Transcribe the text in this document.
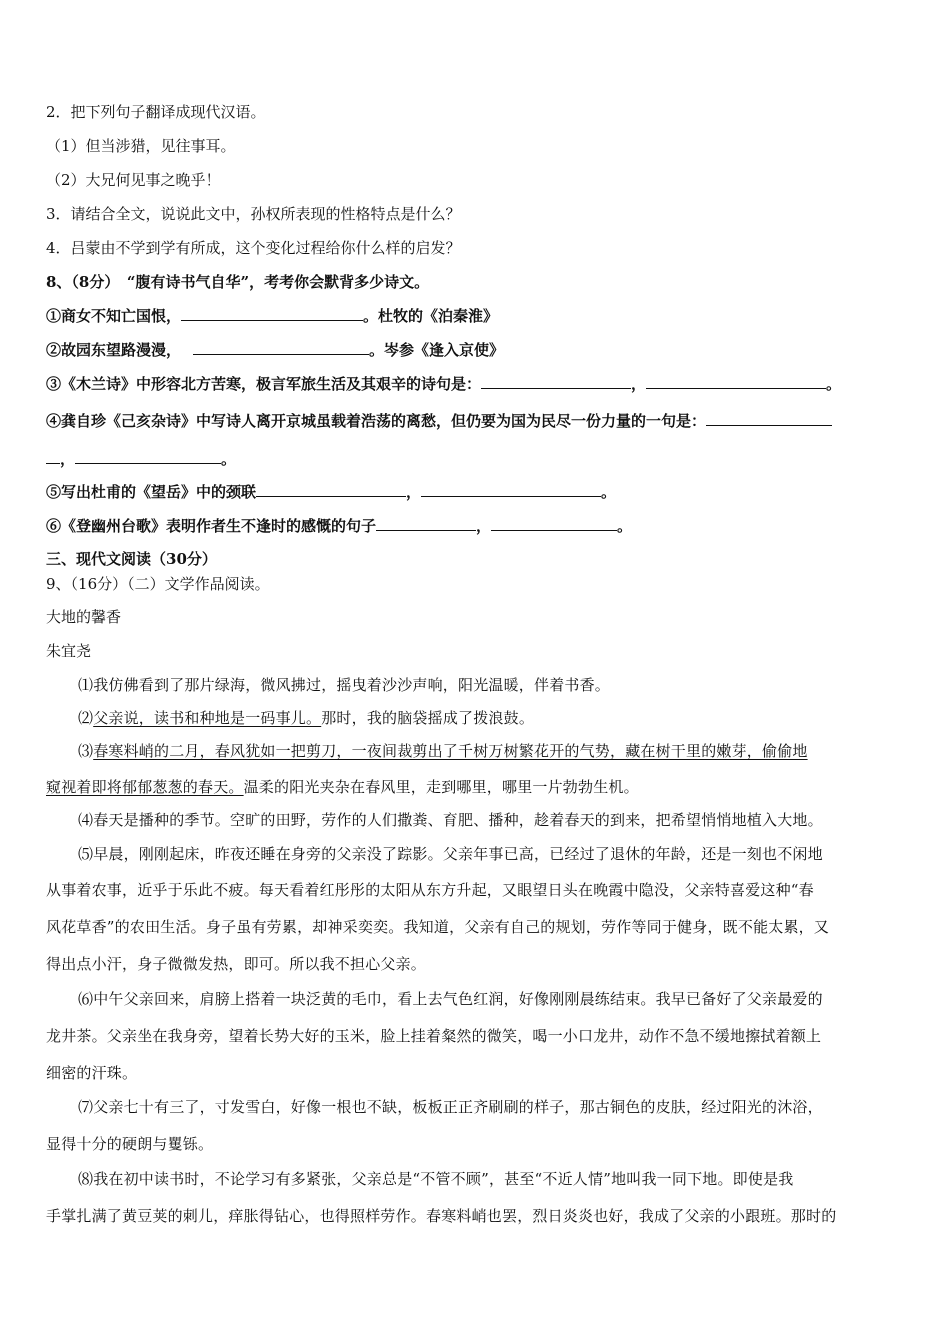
2．把下列句子翻译成现代汉语。
（1）但当涉猎，见往事耳。
（2）大兄何见事之晚乎！
3．请结合全文，说说此文中，孙权所表现的性格特点是什么？
4．吕蒙由不学到学有所成，这个变化过程给你什么样的启发？
8、（8分）　“腹有诗书气自华”，考考你会默背多少诗文。
①商女不知亡国恨，	。杜牧的《泊秦淮》
②故园东望路漫漫，	。岑参《逢入京使》
③《木兰诗》中形容北方苦寒，极言军旅生活及其艰辛的诗句是：	，	。
④龚自珍《己亥杂诗》中写诗人离开京城虽载着浩荡的离愁，但仍要为国为民尽一份力量的一句是：
，	。
⑤写出杜甫的《望岳》中的颈联	，	。
⑥《登幽州台歌》表明作者生不逢时的感慨的句子	，	。
三、现代文阅读（30分）
9、（16分）（二）文学作品阅读。
大地的馨香
朱宜尧
⑴我仿佛看到了那片绿海，微风拂过，摇曳着沙沙声响，阳光温暖，伴着书香。
⑵父亲说，读书和种地是一码事儿。那时，我的脑袋摇成了拨浪鼓。
⑶春寒料峭的二月，春风犹如一把剪刀，一夜间裁剪出了千树万树繁花开的气势，藏在树干里的嫩芽，偷偷地
窥视着即将郁郁葱葱的春天。温柔的阳光夹杂在春风里，走到哪里，哪里一片勃勃生机。
⑷春天是播种的季节。空旷的田野，劳作的人们撒粪、育肥、播种，趁着春天的到来，把希望悄悄地植入大地。
⑸早晨，刚刚起床，昨夜还睡在身旁的父亲没了踪影。父亲年事已高，已经过了退休的年龄，还是一刻也不闲地
从事着农事，近乎于乐此不疲。每天看着红彤彤的太阳从东方升起，又眼望日头在晚霞中隐没，父亲特喜爱这种“春
风花草香”的农田生活。身子虽有劳累，却神采奕奕。我知道，父亲有自己的规划，劳作等同于健身，既不能太累，又
得出点小汗，身子微微发热，即可。所以我不担心父亲。
⑹中午父亲回来，肩膀上搭着一块泛黄的毛巾，看上去气色红润，好像刚刚晨练结束。我早已备好了父亲最爱的
龙井茶。父亲坐在我身旁，望着长势大好的玉米，脸上挂着粲然的微笑，喝一小口龙井，动作不急不缓地擦拭着额上
细密的汗珠。
⑺父亲七十有三了，寸发雪白，好像一根也不缺，板板正正齐刷刷的样子，那古铜色的皮肤，经过阳光的沐浴，
显得十分的硬朗与矍铄。
⑻我在初中读书时，不论学习有多紧张，父亲总是“不管不顾”，甚至“不近人情”地叫我一同下地。即使是我
手掌扎满了黄豆荚的刺儿，痒胀得钻心，也得照样劳作。春寒料峭也罢，烈日炎炎也好，我成了父亲的小跟班。那时的
